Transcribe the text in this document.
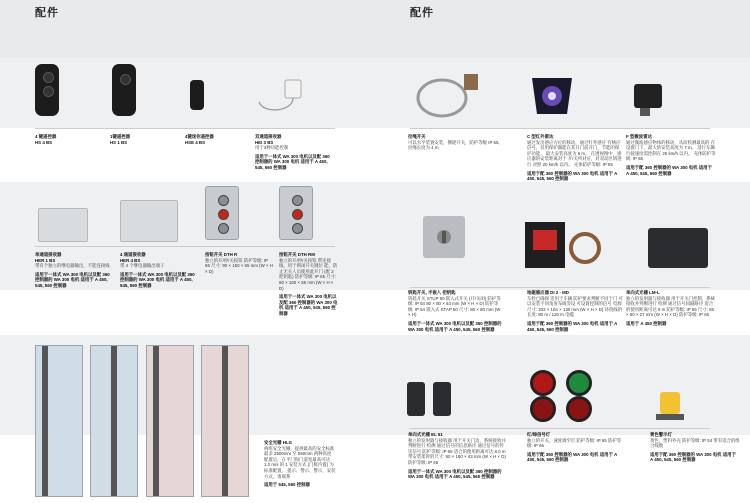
配件	配件
4 键遥控器
HS 4 BS
1键遥控器
HS 1 BS
4键迷你遥控器
HSE 4 BS
双通道接收器
HEI 3 BS
用于3种功能控制
适用于一体式 WA 300 电机以及配 360 控制器的 WA 300 电机 适用于 A 450, 545, 560 控制器
单通道接收器
HER 1 BS
带有个独立的继电器输出，不能连接线
适用于一体式 WA 300 电机以及配 360 控制器的 WA 300 电机 适用于 A 450, 545, 560 控制器
4 通道接收器
HER 4 BS
带 4 个继电器输出端子
适用于一体式 WA 300 电机以及配 360 控制器的 WA 300 电机 适用于 A 450, 545, 560 控制器
按钮开关 DTH R
独立的开/停/关按钮 防护等级: IP 65 尺寸: 90 × 160 × 55 mm (W × H × D)
按钮开关 DTH RM
独立的开/停/关按钮 带连接线，用于锁闭开关键位 能，防止无关人员使用此开门 (配 2 把钥匙) 防护等级: IP 65 尺寸: 80 × 160 × 55 mm (W × H × D)
适用于一体式 WA 300 电机以及配 360 控制器的 WA 300 电机 适用于 A 450, 545, 560 控制器
安全光栅 HLG
两组安全光栅，提供最高的安全标准 最多 2500mm 至 550mm 两种高度 配置后，在平门和门道宽最高可达 1.0 m/s 的 1 安装方式 (门框内置) 为标准配置， 提示、警示、警示，安装方式，请联系
适用于 545, 560 控制器
拉绳开关
可以水平装置安装，侧轮开关，防护等级 IP 65, 拉绳长度为 4 m
C 型红外雷达
通过发出感应方位的移动，通过红外感应 有响应信号，仅用保护器能在其开门前开门，节能的保护功能。 最大安装高度为 6 m。 在透视图中，感应器的安装距离对于 开/关所对应，对双动区域进行 对照 20 km/h 以内。 壳体防护等级: IP 65
适用于配 360 控制器的 WA 300 电机 适用于 A 450, 545, 560 控制器
F 型微波雷达
通过微波感应物体的移动，从而检测最高的 在设置门下，最大的安装高度为 7 m。 适行车辆行驶速度需控制在 20 km/h 以内。 壳体防护等级: IP 65
适用于配 360 控制器的 WA 300 电机 适用于 A 450, 545, 560 控制器
钥匙开关, 半嵌入 把钥匙
钥匙开关 STUP 50 嵌入式开关 (开/关闭) 防护等级: IP 54 80 × 80 × 63 mm (W × H × D) 防护等级: IP 54 嵌入式 STAP 50 尺寸: 80 × 80 mm (W × H)
适用于一体式 WA 300 电机以及配 360 控制器的 WA 300 电机 适用于 A 450, 545, 560 控制器
地磁感应器 DI 2 - MD
车检已确保 适用于车辆 防护要求判断不同于门 可以安装不同角度布线等设 可设置控制的信号 电源尺寸: 202 × 104 × 130 mm (W × H × D) 环绕线的长度: 80 m / 120 m 电缆
适用于配 360 控制器的 WA 300 电机 适用于 A 450, 545, 560 控制器
单向式光栅 LM-L
独立的发射器与接收器 用于开关门控制，系统接收并判断进行 检测 通过信号间隔路径 适合的使用距离可达 8 m 防护等级: IP 65 尺寸: 55 × 50 × 27 mm (W × H × D) 防护等级: IP 65
适用于 A 450 控制器
单向式光栅 EL 51
独立的发射器与接收器 用于开关门边，系统接收并判断进行 检测 通过信号的信息路径 通过信号的传送信号 防护等级: IP 65 适合的使用距离可达 8.0 m 带安装架时的尺寸: 60 × 160 × 43 mm (W × H × D) 防护等级: IP 65
适用于一体式 WA 300 电机以及配 360 控制器的 WA 300 电机 适用于 A 450, 545, 560 控制器
红/绿信号灯
独立的开关、速度调至灯 防护等级: IP 65 防护等级: IP 65
适用于配 360 控制器的 WA 300 电机 适用于 A 450, 545, 560 控制器
黄色警示灯
黄色，塑料外壳 防护等级: IP 54 带有适合的组合线数
适用于配 360 控制器的 WA 300 电机 适用于 A 450, 545, 560 控制器
